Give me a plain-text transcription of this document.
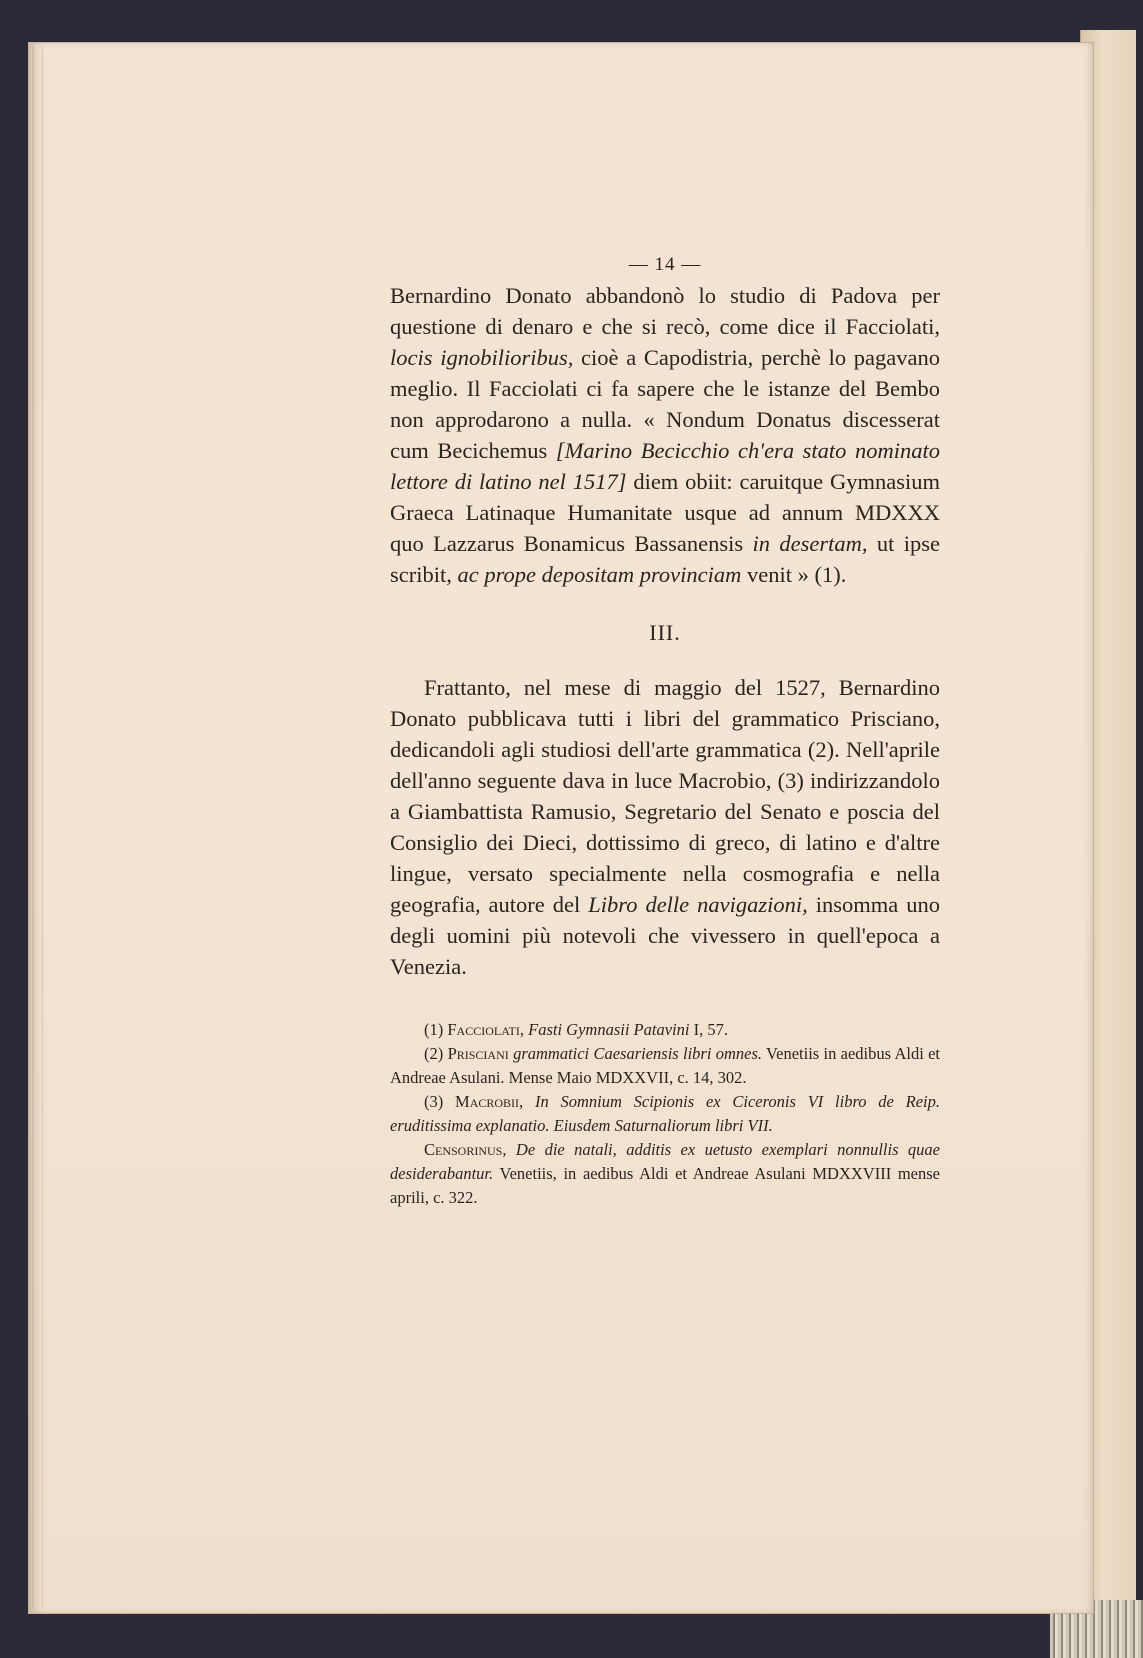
— 14 —

Bernardino Donato abbandonò lo studio di Padova per questione di denaro e che si recò, come dice il Facciolati, locis ignobilioribus, cioè a Capodistria, perchè lo pagavano meglio. Il Facciolati ci fa sapere che le istanze del Bembo non approdarono a nulla. « Nondum Donatus discesserat cum Becichemus [Marino Becicchio ch'era stato nominato lettore di latino nel 1517] diem obiit: caruitque Gymnasium Graeca Latinaque Humanitate usque ad annum MDXXX quo Lazzarus Bonamicus Bassanensis in desertam, ut ipse scribit, ac prope depositam provinciam venit » (1).

III.

Frattanto, nel mese di maggio del 1527, Bernardino Donato pubblicava tutti i libri del grammatico Prisciano, dedicandoli agli studiosi dell'arte grammatica (2). Nell'aprile dell'anno seguente dava in luce Macrobio, (3) indirizzandolo a Giambattista Ramusio, Segretario del Senato e poscia del Consiglio dei Dieci, dottissimo di greco, di latino e d'altre lingue, versato specialmente nella cosmografia e nella geografia, autore del Libro delle navigazioni, insomma uno degli uomini più notevoli che vivessero in quell'epoca a Venezia.

(1) Facciolati, Fasti Gymnasii Patavini I, 57.

(2) Prisciani grammatici Caesariensis libri omnes. Venetiis in aedibus Aldi et Andreae Asulani. Mense Maio MDXXVII, c. 14, 302.

(3) Macrobii, In Somnium Scipionis ex Ciceronis VI libro de Reip. eruditissima explanatio. Eiusdem Saturnaliorum libri VII.

Censorinus, De die natali, additis ex uetusto exemplari nonnullis quae desiderabantur. Venetiis, in aedibus Aldi et Andreae Asulani MDXXVIII mense aprili, c. 322.
